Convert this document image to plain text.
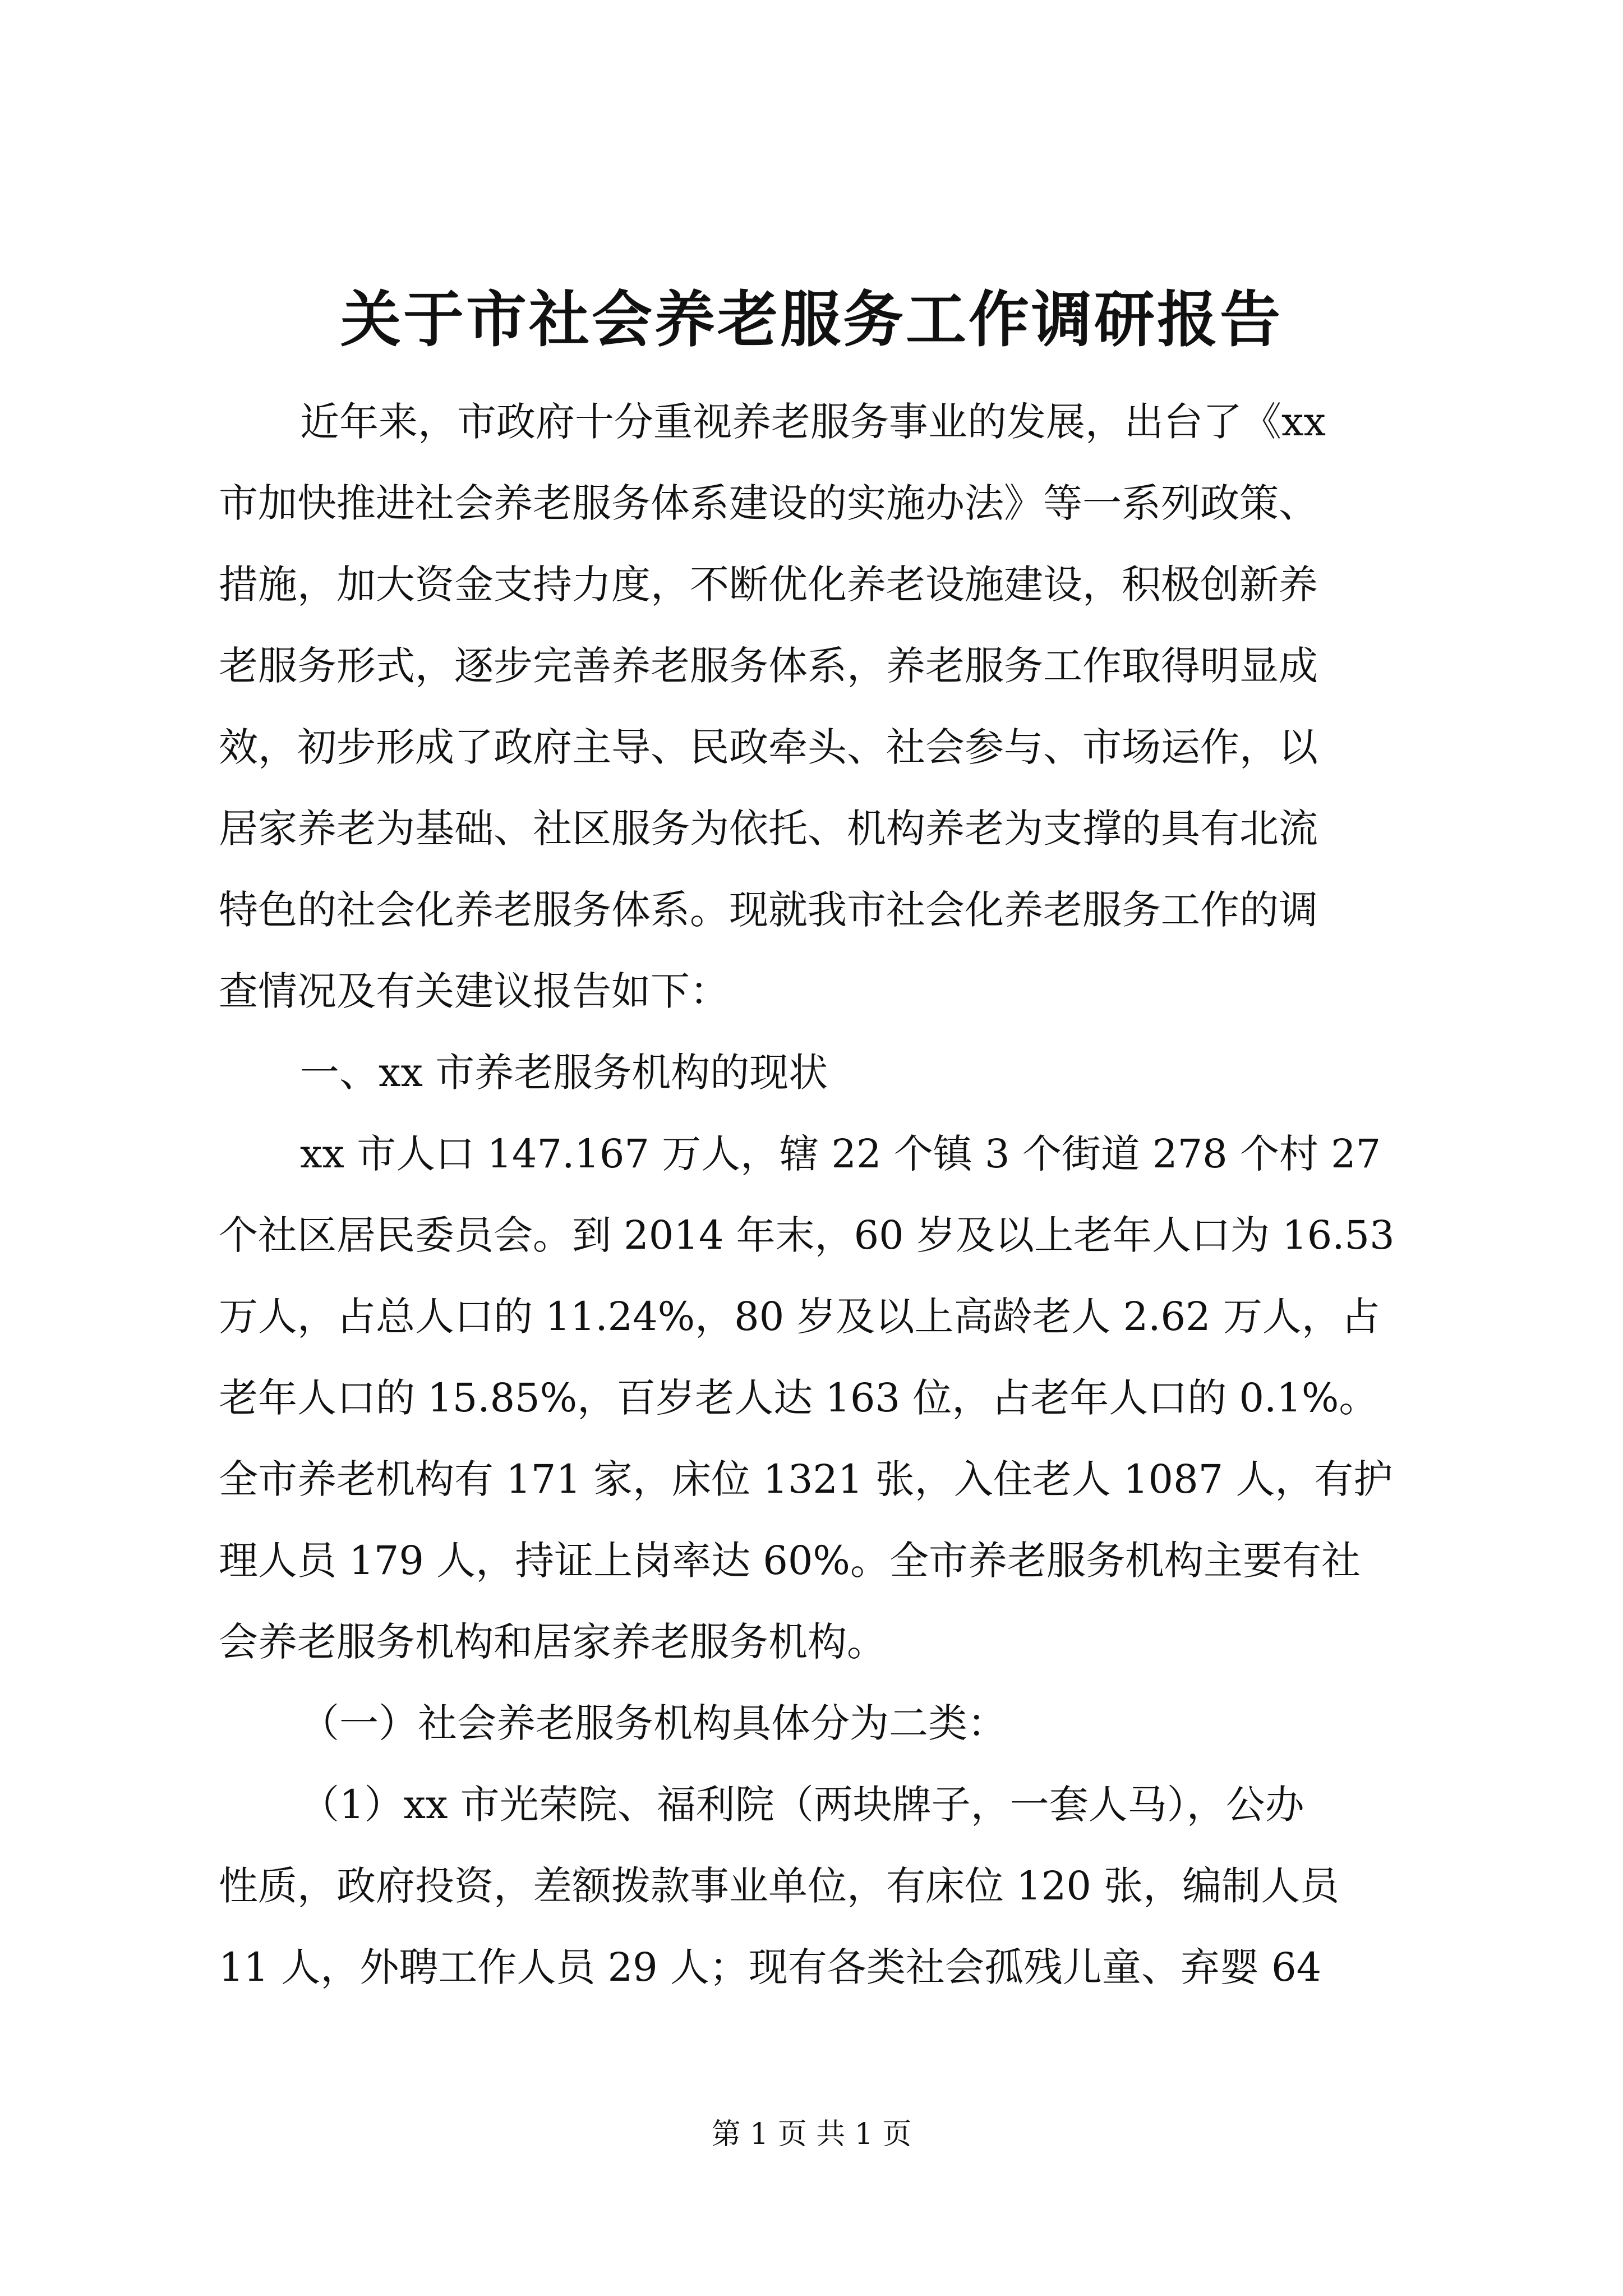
关于市社会养老服务工作调研报告
近年来，市政府十分重视养老服务事业的发展，出台了《xx
市加快推进社会养老服务体系建设的实施办法》等一系列政策、
措施，加大资金支持力度，不断优化养老设施建设，积极创新养
老服务形式，逐步完善养老服务体系，养老服务工作取得明显成
效，初步形成了政府主导、民政牵头、社会参与、市场运作，以
居家养老为基础、社区服务为依托、机构养老为支撑的具有北流
特色的社会化养老服务体系。现就我市社会化养老服务工作的调
查情况及有关建议报告如下：
一、xx 市养老服务机构的现状
xx 市人口 147.167 万人，辖 22 个镇 3 个街道 278 个村 27
个社区居民委员会。到 2014 年末，60 岁及以上老年人口为 16.53
万人，占总人口的 11.24%，80 岁及以上高龄老人 2.62 万人，占
老年人口的 15.85%，百岁老人达 163 位，占老年人口的 0.1%。
全市养老机构有 171 家，床位 1321 张，入住老人 1087 人，有护
理人员 179 人，持证上岗率达 60%。全市养老服务机构主要有社
会养老服务机构和居家养老服务机构。
（一）社会养老服务机构具体分为二类：
（1）xx 市光荣院、福利院（两块牌子，一套人马），公办
性质，政府投资，差额拨款事业单位，有床位 120 张，编制人员
11 人，外聘工作人员 29 人；现有各类社会孤残儿童、弃婴 64
第 1 页 共 1 页
